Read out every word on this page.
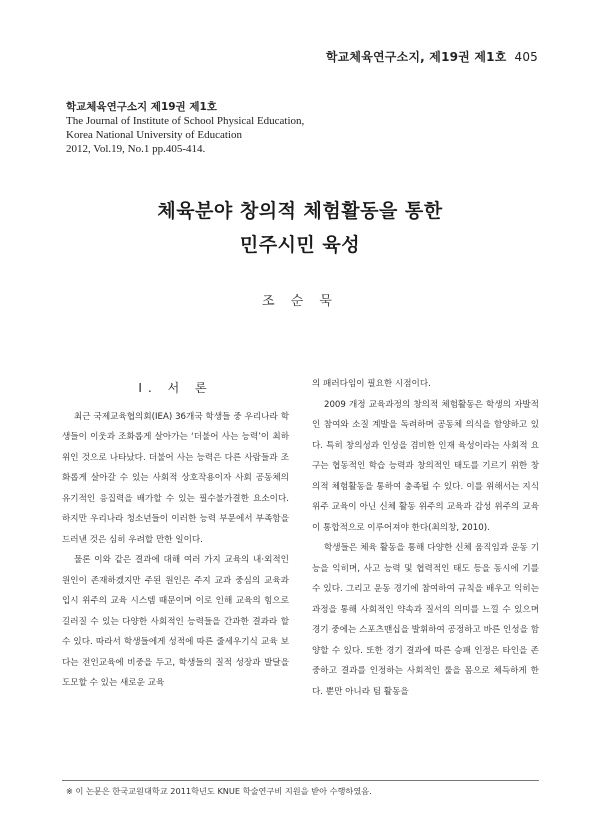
학교체육연구소지, 제19권 제1호 405
학교체육연구소지 제19권 제1호
The Journal of Institute of School Physical Education,
Korea National University of Education
2012, Vol.19, No.1 pp.405-414.
체육분야 창의적 체험활동을 통한
민주시민 육성
조 순 묵
Ⅰ. 서 론

최근 국제교육협의회(IEA) 36개국 학생들 중 우리나라 학생들이 이웃과 조화롭게 살아가는 ‘더불어 사는 능력’이 최하위인 것으로 나타났다. 더불어 사는 능력은 다른 사람들과 조화롭게 살아갈 수 있는 사회적 상호작용이자 사회 공동체의 유기적인 응집력을 배가할 수 있는 필수불가결한 요소이다. 하지만 우리나라 청소년들이 이러한 능력 부문에서 부족함을 드러낸 것은 심히 우려할 만한 일이다.

물론 이와 같은 결과에 대해 여러 가지 교육의 내·외적인 원인이 존재하겠지만 주된 원인은 주지 교과 중심의 교육과 입시 위주의 교육 시스템 때문이며 이로 인해 교육의 힘으로 길러질 수 있는 다양한 사회적인 능력들을 간과한 결과라 할 수 있다. 따라서 학생들에게 성적에 따른 줄세우기식 교육 보다는 전인교육에 비중을 두고, 학생들의 질적 성장과 발달을 도모할 수 있는 새로운 교육

의 패러다임이 필요한 시점이다.

2009 개정 교육과정의 창의적 체험활동은 학생의 자발적인 참여와 소질 계발을 독려하며 공동체 의식을 함양하고 있다. 특히 창의성과 인성을 겸비한 인재 육성이라는 사회적 요구는 협동적인 학습 능력과 창의적인 태도를 기르기 위한 창의적 체험활동을 통하여 충족될 수 있다. 이를 위해서는 지식 위주 교육이 아닌 신체 활동 위주의 교육과 감성 위주의 교육이 통합적으로 이루어져야 한다(최의창, 2010).

학생들은 체육 활동을 통해 다양한 신체 움직임과 운동 기능을 익히며, 사고 능력 및 협력적인 태도 등을 동시에 기를 수 있다. 그리고 운동 경기에 참여하여 규칙을 배우고 익히는 과정을 통해 사회적인 약속과 질서의 의미를 느낄 수 있으며 경기 중에는 스포츠맨십을 발휘하여 공정하고 바른 인성을 함양할 수 있다. 또한 경기 결과에 따른 승패 인정은 타인을 존중하고 결과를 인정하는 사회적인 룰을 몸으로 체득하게 한다. 뿐만 아니라 팀 활동을

※ 이 논문은 한국교원대학교 2011학년도 KNUE 학술연구비 지원을 받아 수행하였음.
